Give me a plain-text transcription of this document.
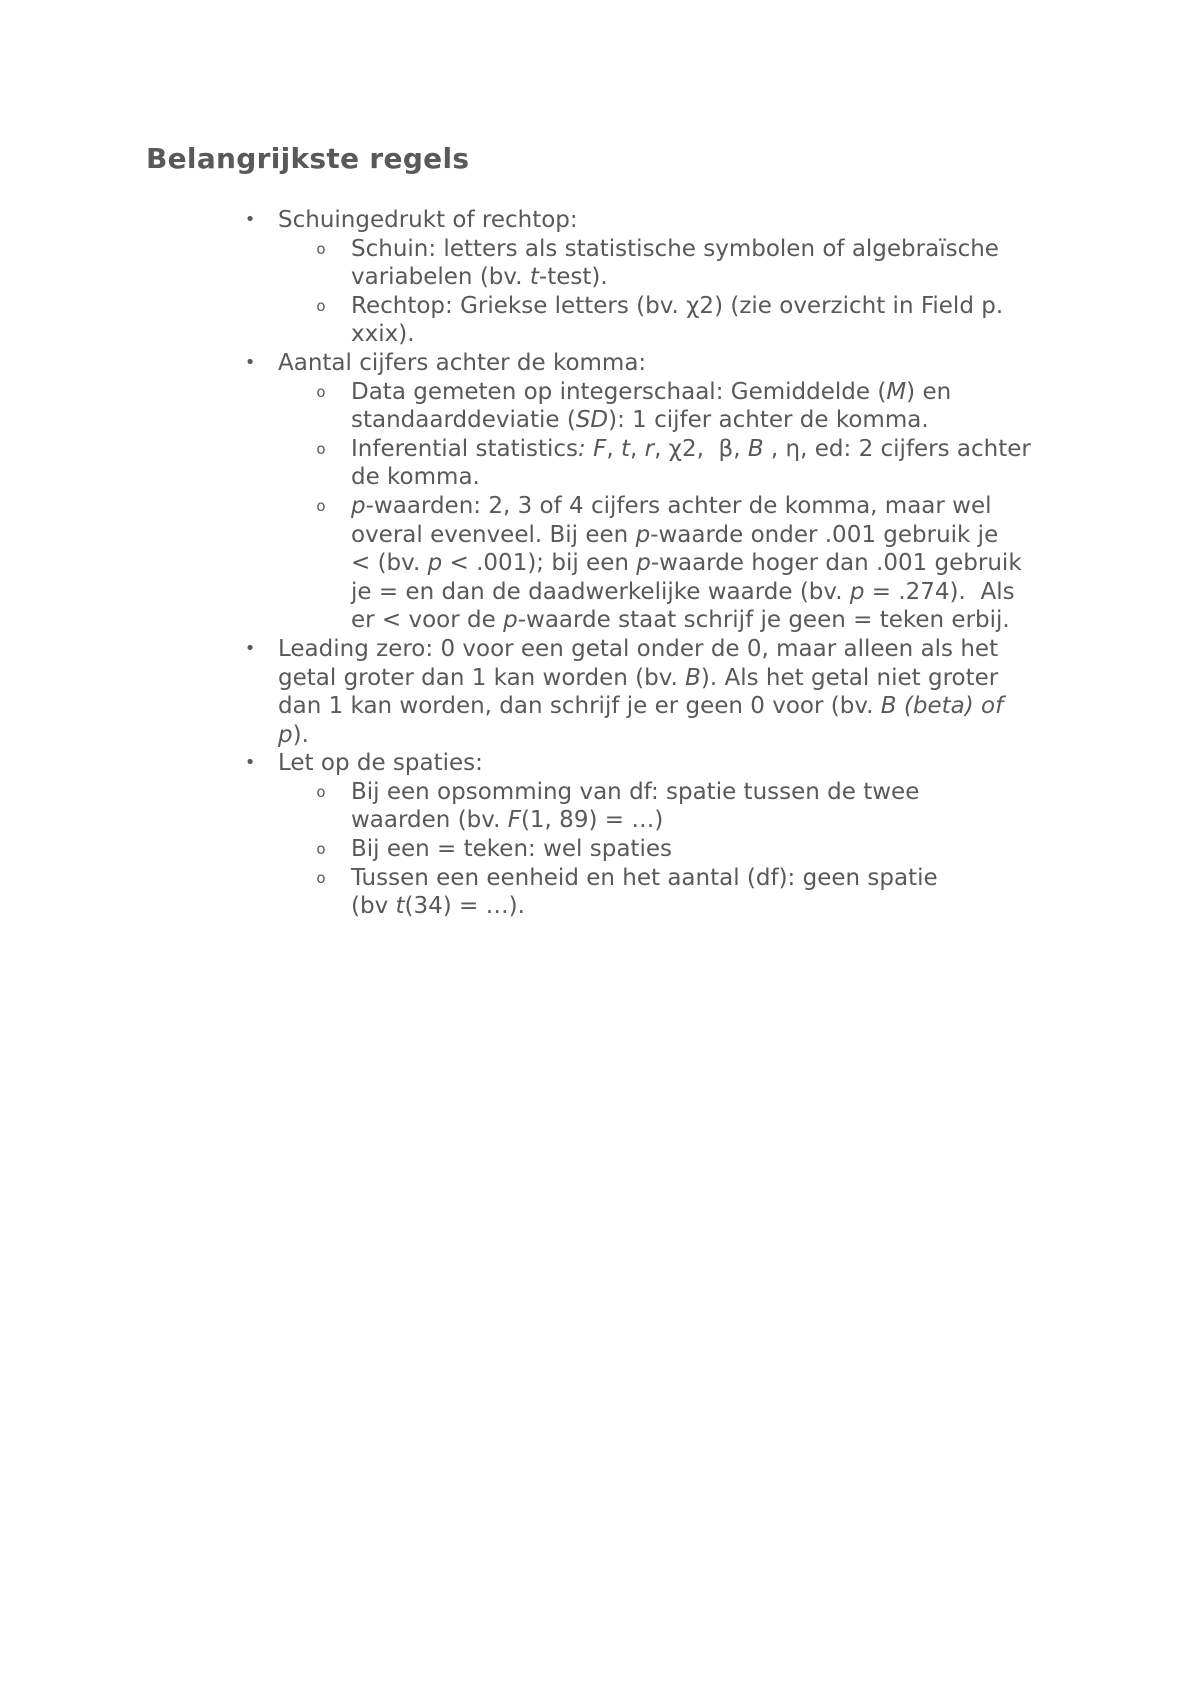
Belangrijkste regels
• Schuingedrukt of rechtop:
o Schuin: letters als statistische symbolen of algebraïsche
variabelen (bv. t-test).
o Rechtop: Griekse letters (bv. χ2) (zie overzicht in Field p.
xxix).
• Aantal cijfers achter de komma:
o Data gemeten op integerschaal: Gemiddelde (M) en
standaarddeviatie (SD): 1 cijfer achter de komma.
o Inferential statistics: F, t, r, χ2,  β, B , η, ed: 2 cijfers achter
de komma.
o p-waarden: 2, 3 of 4 cijfers achter de komma, maar wel
overal evenveel. Bij een p-waarde onder .001 gebruik je
< (bv. p < .001); bij een p-waarde hoger dan .001 gebruik
je = en dan de daadwerkelijke waarde (bv. p = .274).  Als
er < voor de p-waarde staat schrijf je geen = teken erbij.
• Leading zero: 0 voor een getal onder de 0, maar alleen als het
getal groter dan 1 kan worden (bv. B). Als het getal niet groter
dan 1 kan worden, dan schrijf je er geen 0 voor (bv. B (beta) of
p).
• Let op de spaties:
o Bij een opsomming van df: spatie tussen de twee
waarden (bv. F(1, 89) = …)
o Bij een = teken: wel spaties
o Tussen een eenheid en het aantal (df): geen spatie
(bv t(34) = …).
